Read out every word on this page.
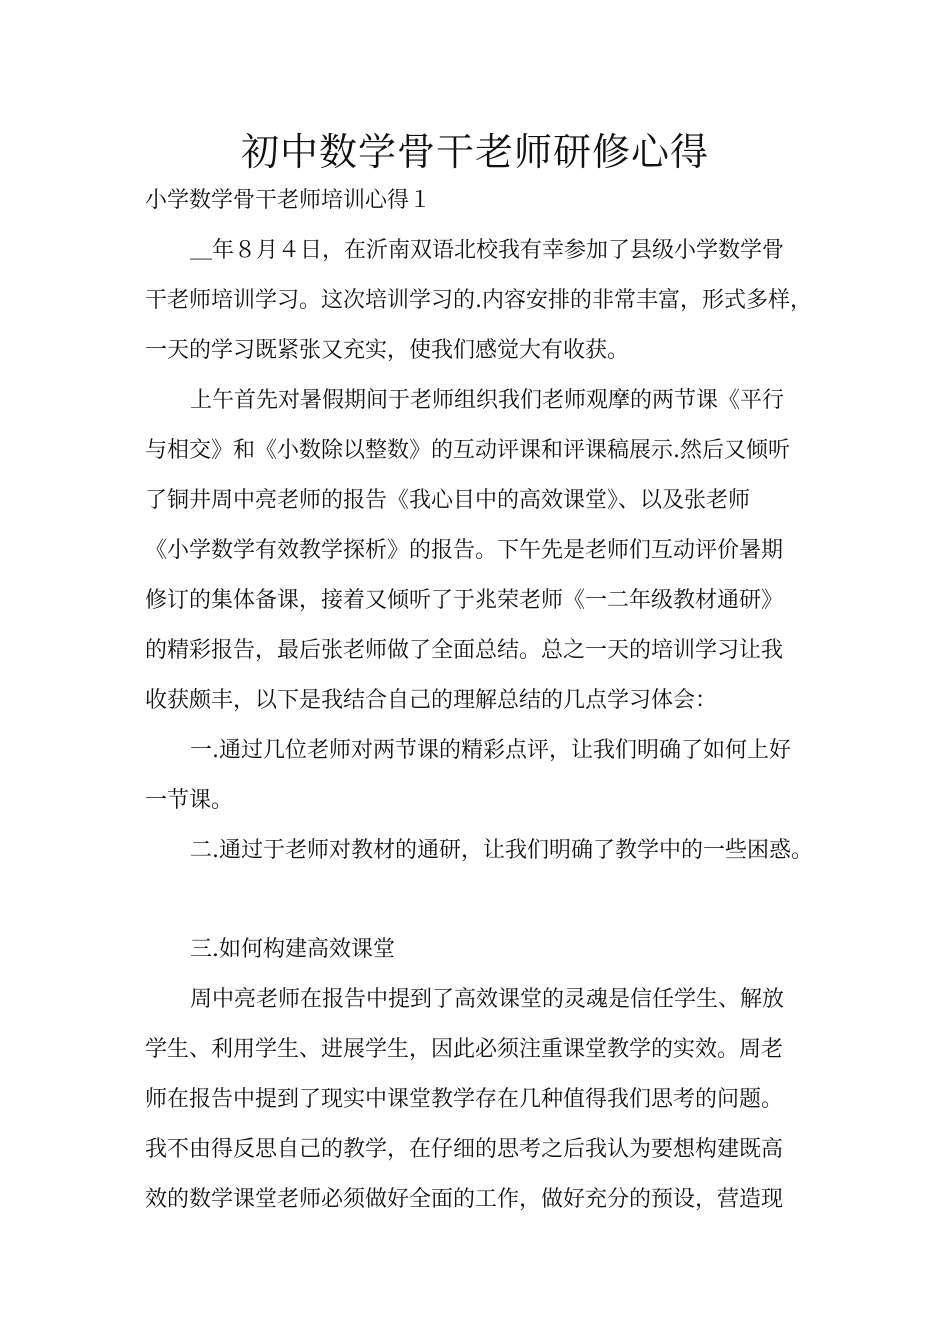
初中数学骨干老师研修心得

小学数学骨干老师培训心得１

＿年８月４日，在沂南双语北校我有幸参加了县级小学数学骨

干老师培训学习。这次培训学习的.内容安排的非常丰富，形式多样，

一天的学习既紧张又充实，使我们感觉大有收获。

上午首先对暑假期间于老师组织我们老师观摩的两节课《平行

与相交》和《小数除以整数》的互动评课和评课稿展示.然后又倾听

了铜井周中亮老师的报告《我心目中的高效课堂》、以及张老师

《小学数学有效教学探析》的报告。下午先是老师们互动评价暑期

修订的集体备课，接着又倾听了于兆荣老师《一二年级教材通研》

的精彩报告，最后张老师做了全面总结。总之一天的培训学习让我

收获颇丰，以下是我结合自己的理解总结的几点学习体会：

一.通过几位老师对两节课的精彩点评，让我们明确了如何上好

一节课。

二.通过于老师对教材的通研，让我们明确了教学中的一些困惑。

三.如何构建高效课堂

周中亮老师在报告中提到了高效课堂的灵魂是信任学生、解放

学生、利用学生、进展学生，因此必须注重课堂教学的实效。周老

师在报告中提到了现实中课堂教学存在几种值得我们思考的问题。

我不由得反思自己的教学，在仔细的思考之后我认为要想构建既高

效的数学课堂老师必须做好全面的工作，做好充分的预设，营造现
